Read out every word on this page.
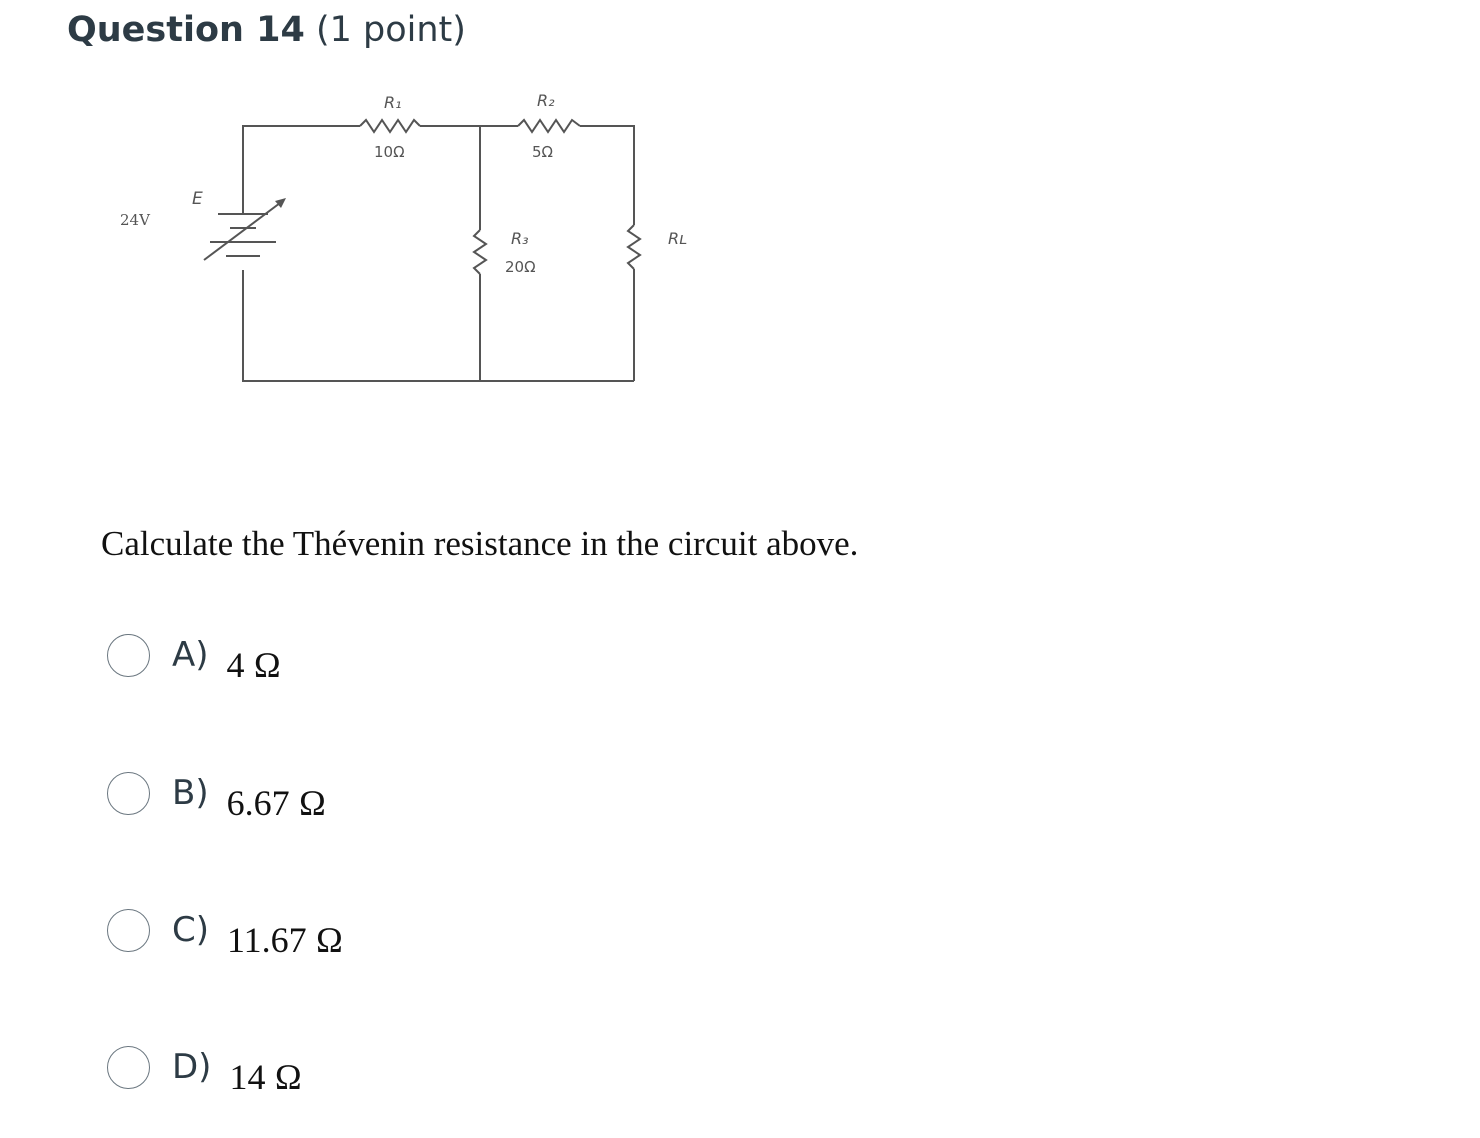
Question 14 (1 point)
E
24V
R₁
10Ω
R₂
5Ω
R₃
20Ω
Rʟ
Calculate the Thévenin resistance in the circuit above.
A) 4 Ω
B) 6.67 Ω
C) 11.67 Ω
D) 14 Ω
